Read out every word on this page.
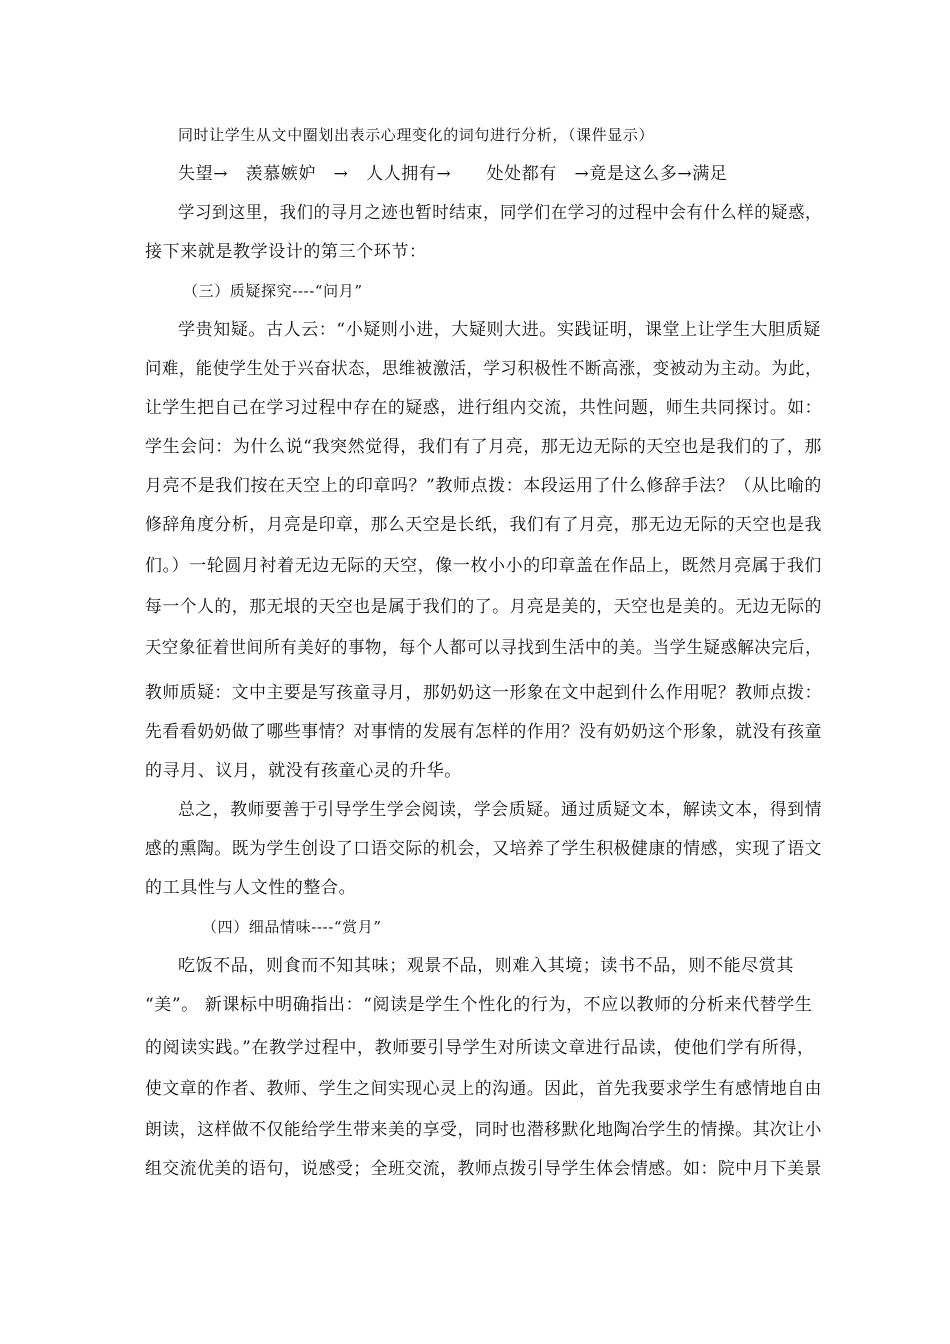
同时让学生从文中圈划出表示心理变化的词句进行分析，（课件显示）
失望→　羡慕嫉妒　→　人人拥有→　　处处都有　→竟是这么多→满足
学习到这里，我们的寻月之迹也暂时结束，同学们在学习的过程中会有什么样的疑惑，
接下来就是教学设计的第三个环节：
（三）质疑探究----“问月”
学贵知疑。古人云：“小疑则小进，大疑则大进。实践证明，课堂上让学生大胆质疑
问难，能使学生处于兴奋状态，思维被激活，学习积极性不断高涨，变被动为主动。为此，
让学生把自己在学习过程中存在的疑惑，进行组内交流，共性问题，师生共同探讨。如：
学生会问：为什么说“我突然觉得，我们有了月亮，那无边无际的天空也是我们的了，那
月亮不是我们按在天空上的印章吗？”教师点拨：本段运用了什么修辞手法？（从比喻的
修辞角度分析，月亮是印章，那么天空是长纸，我们有了月亮，那无边无际的天空也是我
们。）一轮圆月衬着无边无际的天空，像一枚小小的印章盖在作品上，既然月亮属于我们
每一个人的，那无垠的天空也是属于我们的了。月亮是美的，天空也是美的。无边无际的
天空象征着世间所有美好的事物，每个人都可以寻找到生活中的美。当学生疑惑解决完后，
教师质疑：文中主要是写孩童寻月，那奶奶这一形象在文中起到什么作用呢？教师点拨：
先看看奶奶做了哪些事情？对事情的发展有怎样的作用？没有奶奶这个形象，就没有孩童
的寻月、议月，就没有孩童心灵的升华。
总之，教师要善于引导学生学会阅读，学会质疑。通过质疑文本，解读文本，得到情
感的熏陶。既为学生创设了口语交际的机会，又培养了学生积极健康的情感，实现了语文
的工具性与人文性的整合。
（四）细品情味----“赏月”
吃饭不品，则食而不知其味；观景不品，则难入其境；读书不品，则不能尽赏其
“美”。 新课标中明确指出：“阅读是学生个性化的行为，不应以教师的分析来代替学生
的阅读实践。”在教学过程中，教师要引导学生对所读文章进行品读，使他们学有所得，
使文章的作者、教师、学生之间实现心灵上的沟通。因此，首先我要求学生有感情地自由
朗读，这样做不仅能给学生带来美的享受，同时也潜移默化地陶冶学生的情操。其次让小
组交流优美的语句，说感受；全班交流，教师点拨引导学生体会情感。如：院中月下美景
